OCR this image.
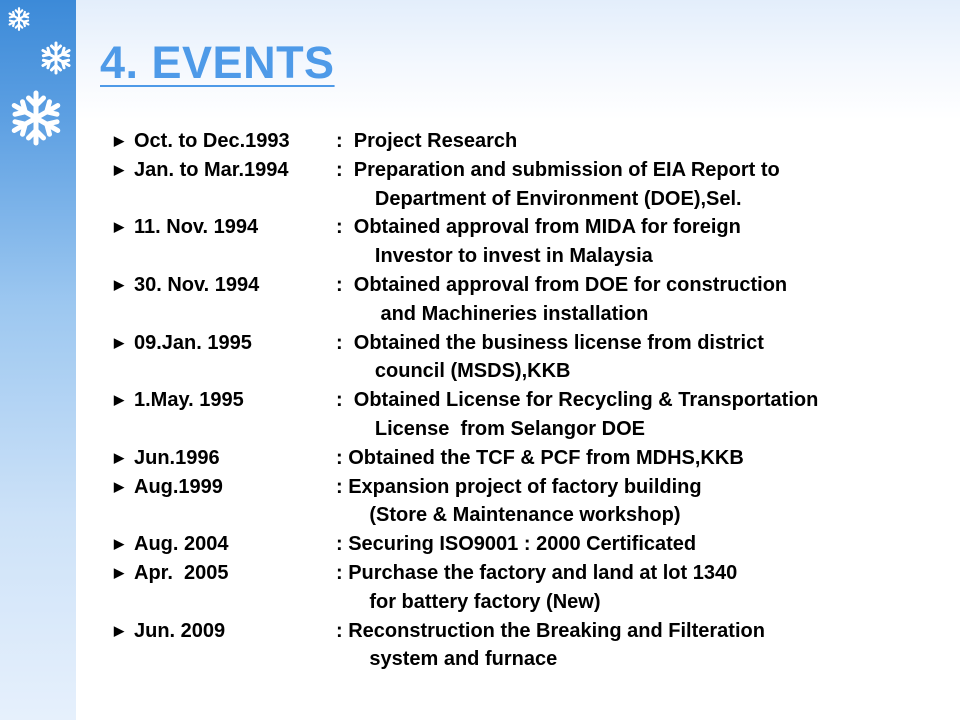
4. EVENTS
▶ Oct. to Dec.1993	:  Project Research
▶ Jan. to Mar.1994	:  Preparation and submission of EIA Report to
Department of Environment (DOE),Sel.
▶ 11. Nov. 1994	:  Obtained approval from MIDA for foreign
Investor to invest in Malaysia
▶ 30. Nov. 1994	:  Obtained approval from DOE for construction
and Machineries installation
▶ 09.Jan. 1995	:  Obtained the business license from district
council (MSDS),KKB
▶ 1.May. 1995	:  Obtained License for Recycling & Transportation
License  from Selangor DOE
▶ Jun.1996	: Obtained the TCF & PCF from MDHS,KKB
▶ Aug.1999	: Expansion project of factory building
(Store & Maintenance workshop)
▶ Aug. 2004	: Securing ISO9001 : 2000 Certificated
▶ Apr.  2005	: Purchase the factory and land at lot 1340
for battery factory (New)
▶ Jun. 2009	: Reconstruction the Breaking and Filteration
system and furnace
